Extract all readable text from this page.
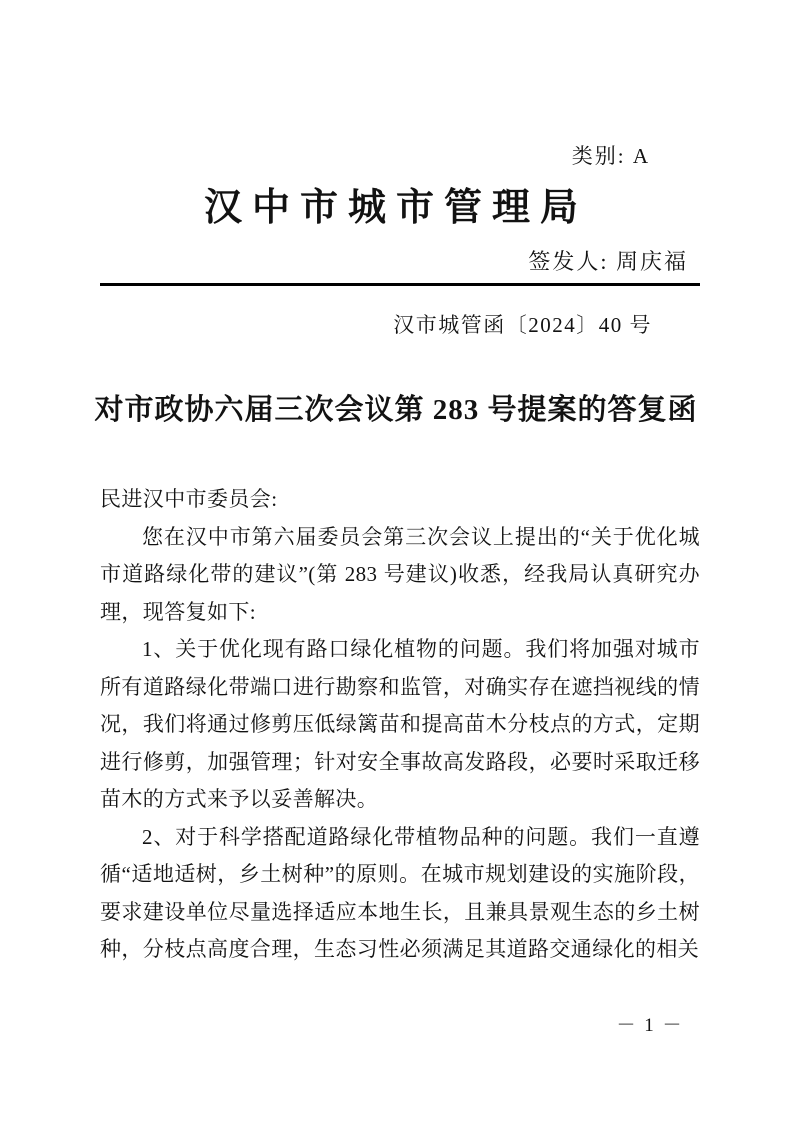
类别: A
汉中市城市管理局
签发人: 周庆福
汉市城管函〔2024〕40 号
对市政协六届三次会议第 283 号提案的答复函

民进汉中市委员会:

您在汉中市第六届委员会第三次会议上提出的“关于优化城市道路绿化带的建议”(第 283 号建议)收悉，经我局认真研究办理，现答复如下:

1、关于优化现有路口绿化植物的问题。我们将加强对城市所有道路绿化带端口进行勘察和监管，对确实存在遮挡视线的情况，我们将通过修剪压低绿篱苗和提高苗木分枝点的方式，定期进行修剪，加强管理；针对安全事故高发路段，必要时采取迁移苗木的方式来予以妥善解决。

2、对于科学搭配道路绿化带植物品种的问题。我们一直遵循“适地适树，乡土树种”的原则。在城市规划建设的实施阶段，要求建设单位尽量选择适应本地生长，且兼具景观生态的乡土树种，分枝点高度合理，生态习性必须满足其道路交通绿化的相关

－ 1 －
